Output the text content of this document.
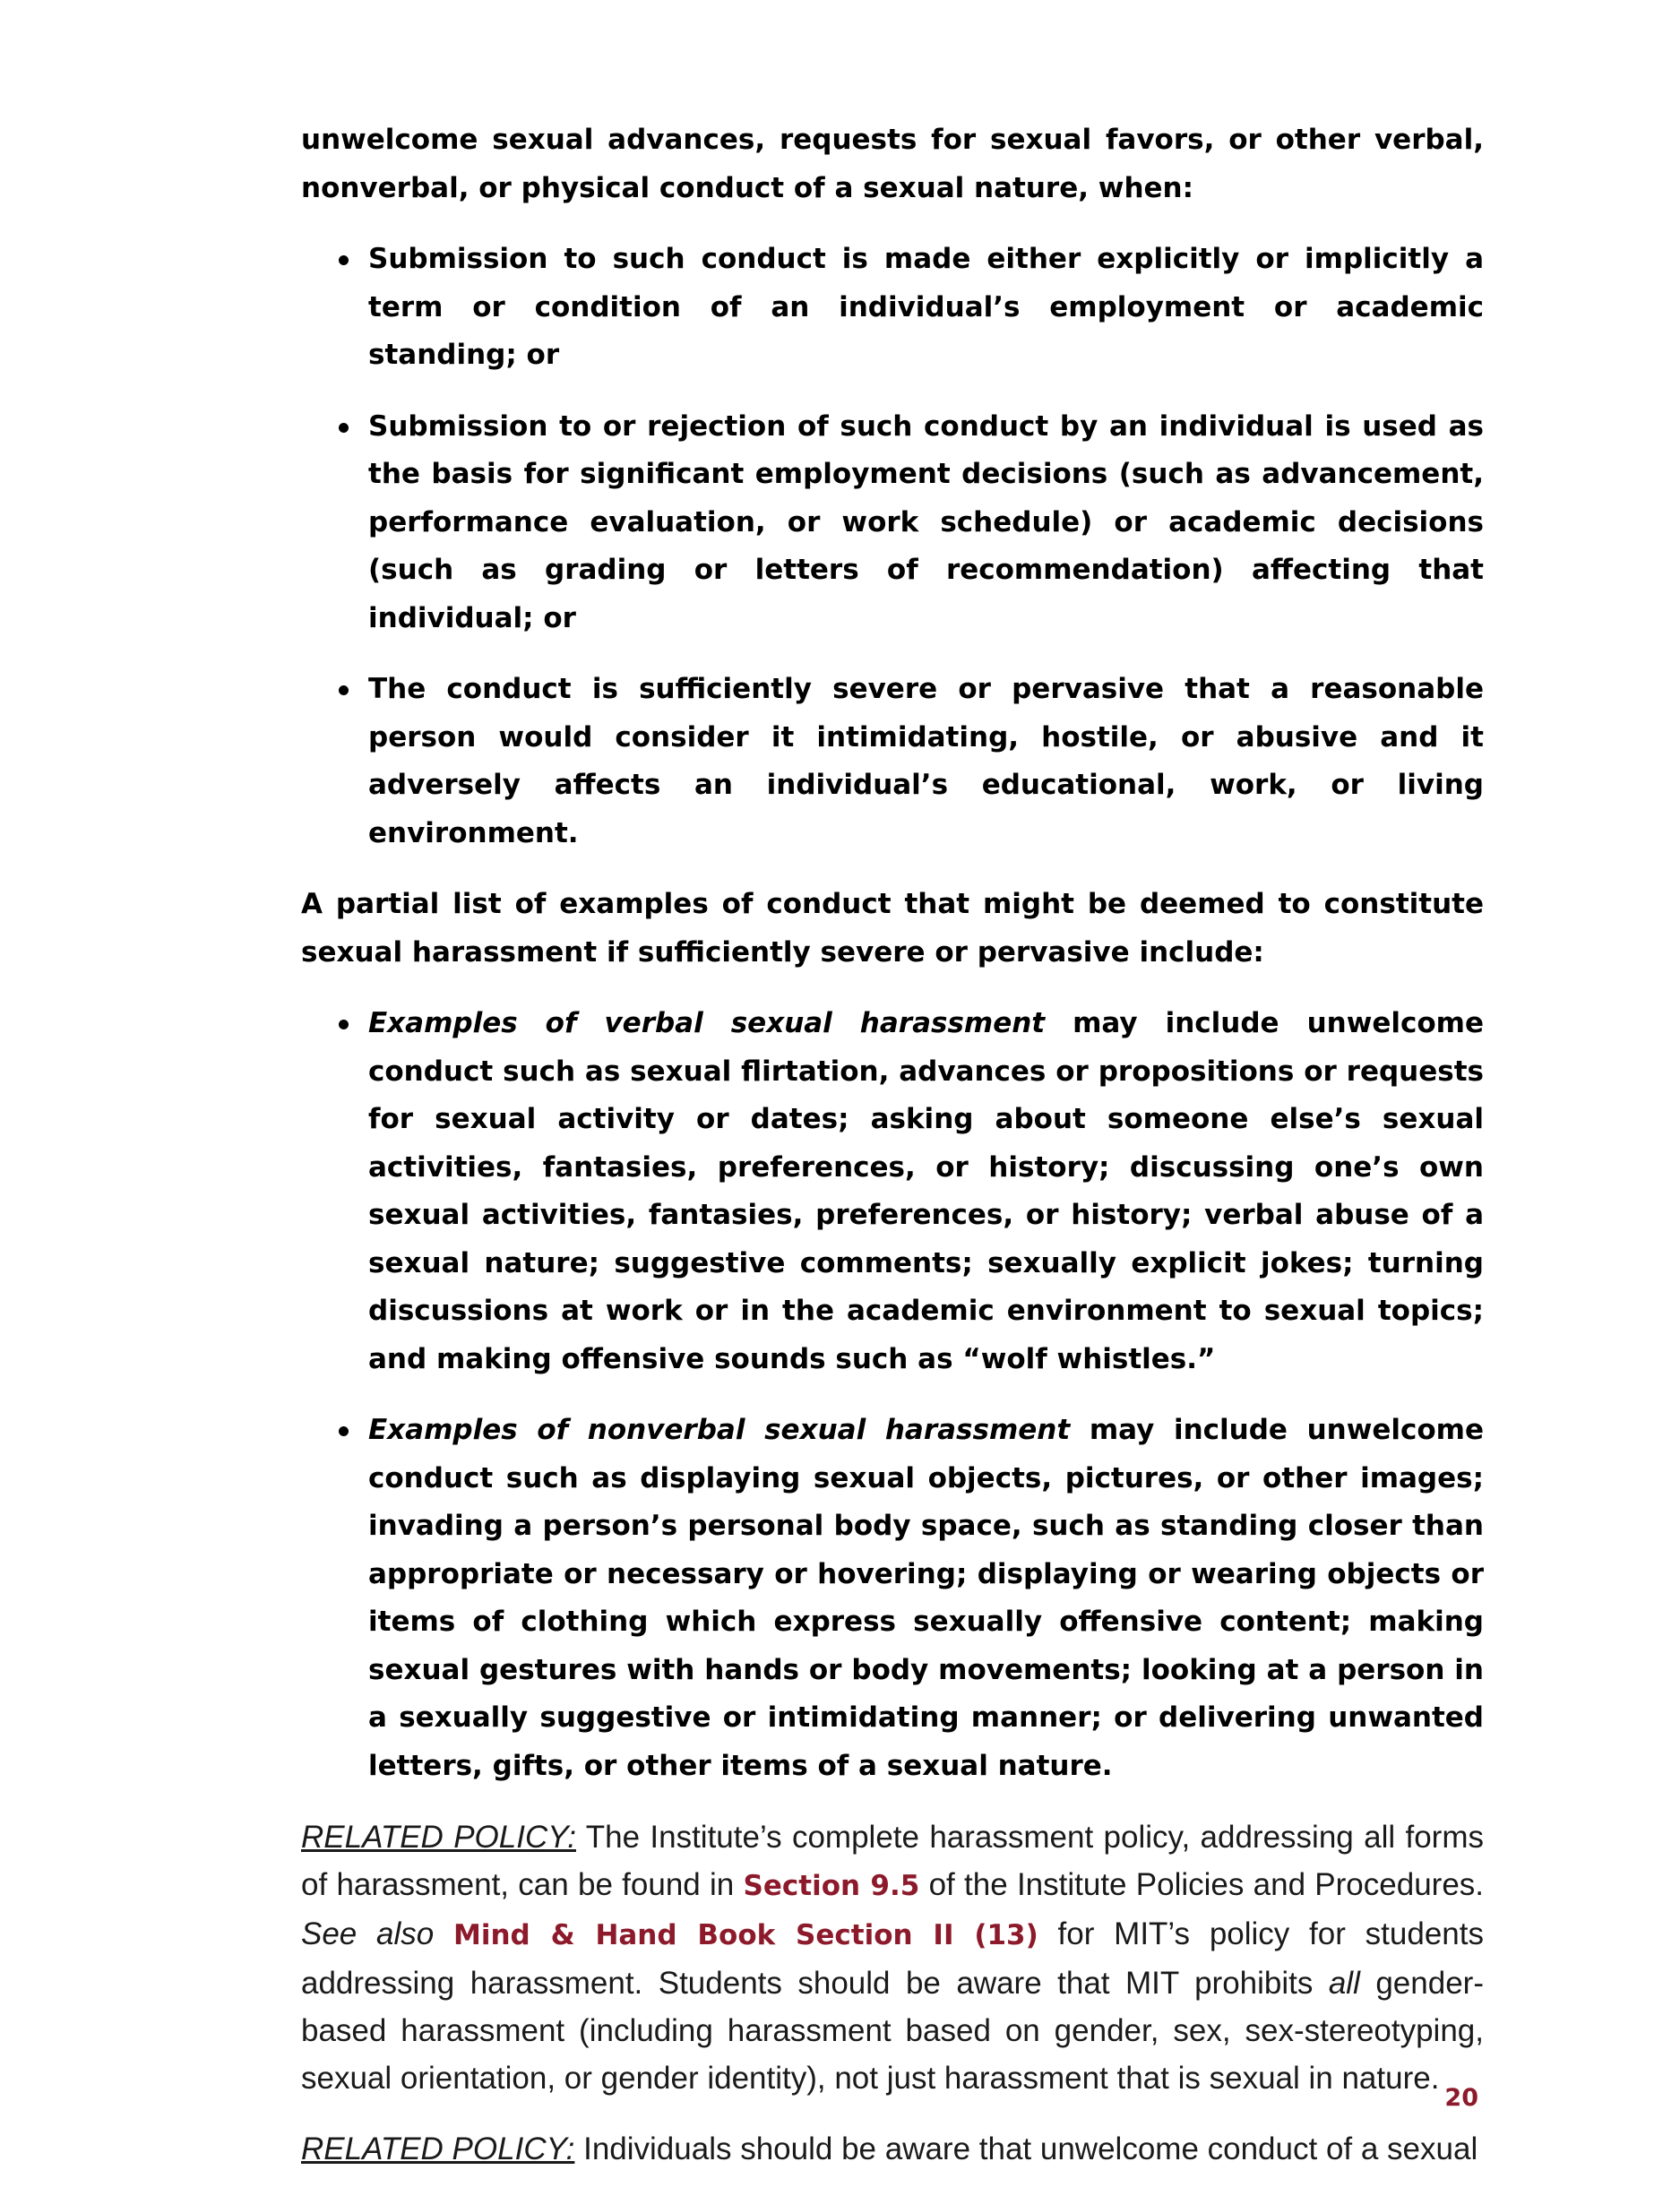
unwelcome sexual advances, requests for sexual favors, or other verbal, nonverbal, or physical conduct of a sexual nature, when:

Submission to such conduct is made either explicitly or implicitly a term or condition of an individual’s employment or academic standing; or

Submission to or rejection of such conduct by an individual is used as the basis for significant employment decisions (such as advancement, performance evaluation, or work schedule) or academic decisions (such as grading or letters of recommendation) affecting that individual; or

The conduct is sufficiently severe or pervasive that a reasonable person would consider it intimidating, hostile, or abusive and it adversely affects an individual’s educational, work, or living environment.

A partial list of examples of conduct that might be deemed to constitute sexual harassment if sufficiently severe or pervasive include:

Examples of verbal sexual harassment may include unwelcome conduct such as sexual flirtation, advances or propositions or requests for sexual activity or dates; asking about someone else’s sexual activities, fantasies, preferences, or history; discussing one’s own sexual activities, fantasies, preferences, or history; verbal abuse of a sexual nature; suggestive comments; sexually explicit jokes; turning discussions at work or in the academic environment to sexual topics; and making offensive sounds such as “wolf whistles.”

Examples of nonverbal sexual harassment may include unwelcome conduct such as displaying sexual objects, pictures, or other images; invading a person’s personal body space, such as standing closer than appropriate or necessary or hovering; displaying or wearing objects or items of clothing which express sexually offensive content; making sexual gestures with hands or body movements; looking at a person in a sexually suggestive or intimidating manner; or delivering unwanted letters, gifts, or other items of a sexual nature.

RELATED POLICY: The Institute’s complete harassment policy, addressing all forms of harassment, can be found in Section 9.5 of the Institute Policies and Procedures. See also Mind & Hand Book Section II (13) for MIT’s policy for students addressing harassment. Students should be aware that MIT prohibits all gender-based harassment (including harassment based on gender, sex, sex-stereotyping, sexual orientation, or gender identity), not just harassment that is sexual in nature.

RELATED POLICY: Individuals should be aware that unwelcome conduct of a sexual

20
